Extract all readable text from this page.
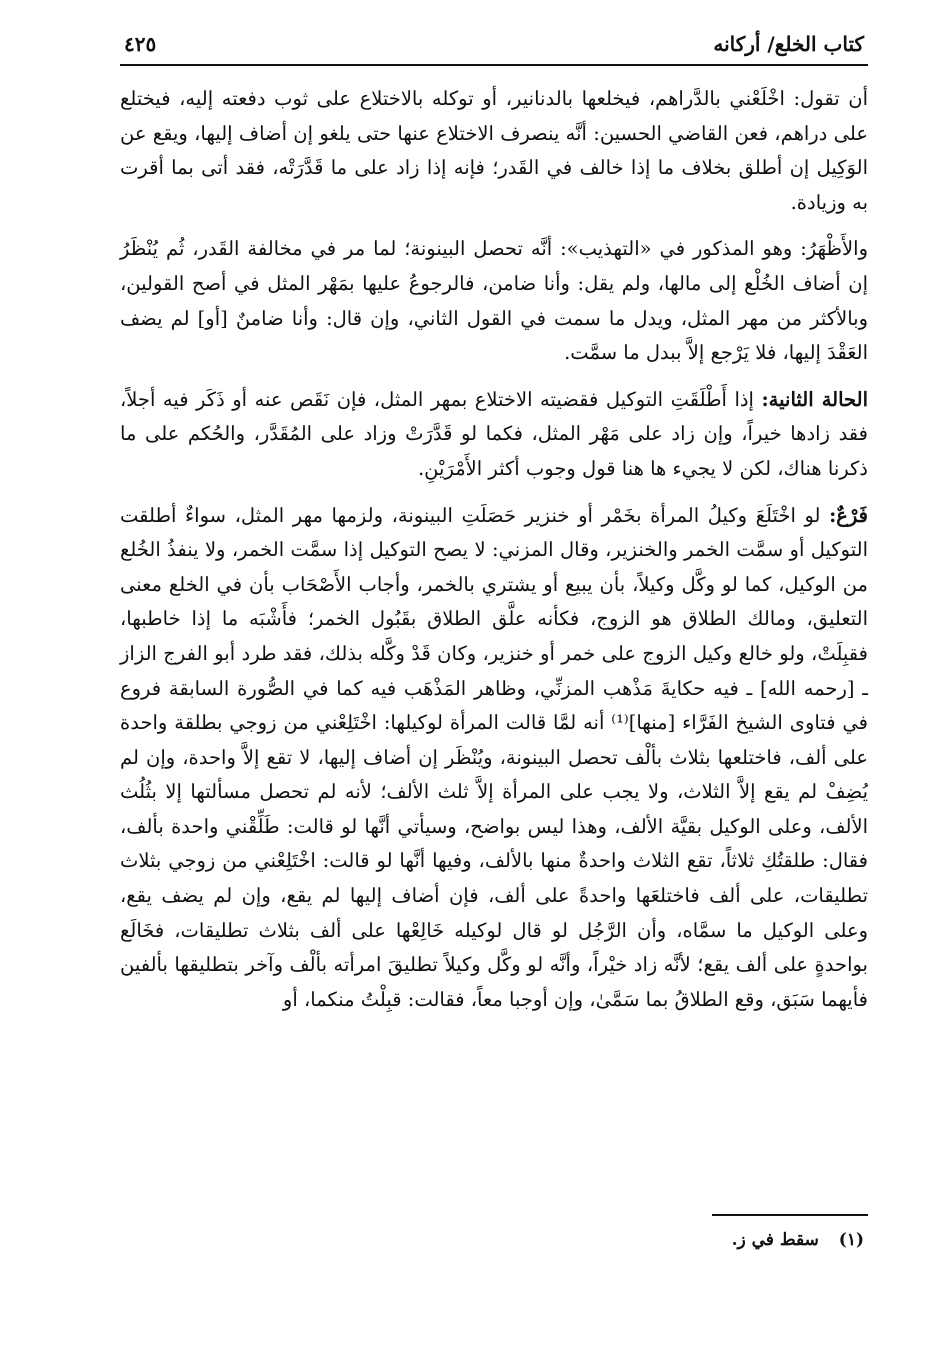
كتاب الخلع/ أركانه
٤٢٥

أن تقول: اخْلَعْني بالدَّراهم، فيخلعها بالدنانير، أو توكله بالاختلاع على ثوب دفعته إليه، فيختلع على دراهم، فعن القاضي الحسين: أنَّه ينصرف الاختلاع عنها حتى يلغو إن أضاف إليها، ويقع عن الوَكِيل إن أطلق بخلاف ما إذا خالف في القَدر؛ فإنه إذا زاد على ما قَدَّرَتْه، فقد أتى بما أقرت به وزيادة.

والأَظْهَرُ: وهو المذكور في «التهذيب»: أنَّه تحصل البينونة؛ لما مر في مخالفة القَدر، ثُم يُنْظَرُ إن أضاف الخُلْع إلى مالها، ولم يقل: وأنا ضامن، فالرجوعُ عليها بمَهْر المثل في أصح القولين، وبالأكثر من مهر المثل، ويدل ما سمت في القول الثاني، وإن قال: وأنا ضامنٌ [أو] لم يضف العَقْدَ إليها، فلا يَرْجع إلاَّ ببدل ما سمَّت.

الحالة الثانية: إذا أَطْلَقَتِ التوكيل فقضيته الاختلاع بمهر المثل، فإن نَقَص عنه أو ذَكَر فيه أجلاً، فقد زادها خيراً، وإن زاد على مَهْر المثل، فكما لو قَدَّرَتْ وزاد على المُقَدَّر، والحُكم على ما ذكرنا هناك، لكن لا يجيء ها هنا قول وجوب أكثر الأَمْرَيْنِ.

فَرْعٌ: لو اخْتَلَعَ وكيلُ المرأة بخَمْر أو خنزير حَصَلَتِ البينونة، ولزمها مهر المثل، سواءٌ أطلقت التوكيل أو سمَّت الخمر والخنزير، وقال المزني: لا يصح التوكيل إذا سمَّت الخمر، ولا ينفذُ الخُلع من الوكيل، كما لو وكَّل وكيلاً، بأن يبيع أو يشتري بالخمر، وأجاب الأَصْحَاب بأن في الخلع معنى التعليق، ومالك الطلاق هو الزوج، فكأنه علَّق الطلاق بقَبُول الخمر؛ فأَشْبَه ما إذا خاطبها، فقبِلَتْ، ولو خالع وكيل الزوج على خمر أو خنزير، وكان قَدْ وكَّله بذلك، فقد طرد أبو الفرج الزاز ـ [رحمه الله] ـ فيه حكايةَ مَذْهب المزنِّي، وظاهر المَذْهَب فيه كما في الصُّورة السابقة فروع في فتاوى الشيخ الفَرَّاء [منها]⁽¹⁾ أنه لمَّا قالت المرأة لوكيلها: اخْتَلِعْني من زوجي بطلقة واحدة على ألف، فاختلعها بثلاث بألْف تحصل البينونة، ويُنْظَر إن أضاف إليها، لا تقع إلاَّ واحدة، وإن لم يُضِفْ لم يقع إلاَّ الثلاث، ولا يجب على المرأة إلاَّ ثلث الألف؛ لأنه لم تحصل مسألتها إلا بثُلُث الألف، وعلى الوكيل بقيَّة الألف، وهذا ليس بواضح، وسيأتي أنَّها لو قالت: طَلِّقْني واحدة بألف، فقال: طلقتُكِ ثلاثاً، تقع الثلاث واحدةٌ منها بالألف، وفيها أنَّها لو قالت: اخْتَلِعْني من زوجي بثلاث تطليقات، على ألف فاختلعَها واحدةً على ألف، فإن أضاف إليها لم يقع، وإن لم يضف يقع، وعلى الوكيل ما سمَّاه، وأن الرَّجُل لو قال لوكيله خَالِعْها على ألف بثلاث تطليقات، فخَالَع بواحدةٍ على ألف يقع؛ لأنَّه زاد خيْراً، وأنَّه لو وكَّل وكيلاً تطليقَ امرأته بألْف وآخر بتطليقها بألفين فأيهما سَبَق، وقع الطلاقُ بما سَمَّىٰ، وإن أوجبا معاً، فقالت: قبِلْتُ منكما، أو

(١) سقط في ز.
